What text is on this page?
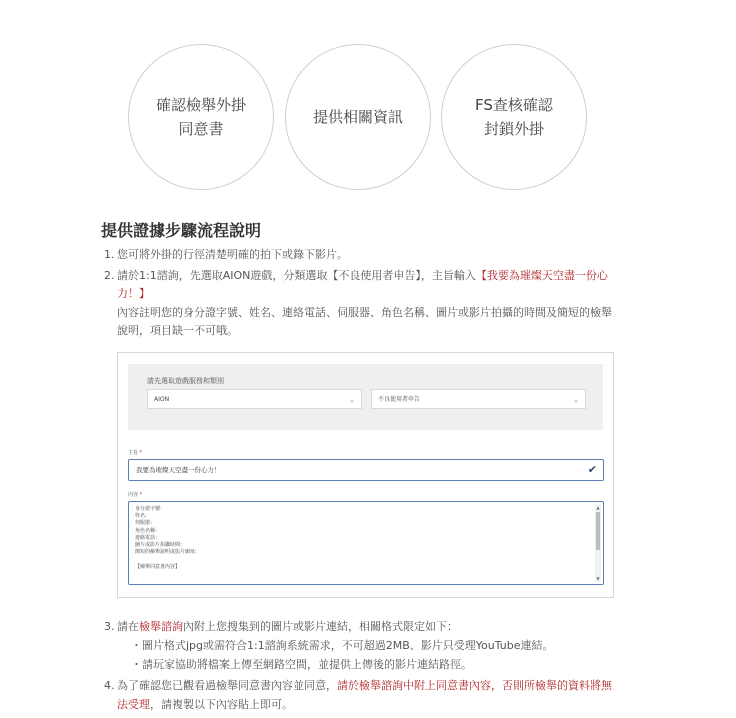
確認檢舉外掛
同意書
提供相關資訊
FS查核確認
封鎖外掛
提供證據步驟流程說明
1. 您可將外掛的行徑清楚明確的拍下或錄下影片。
2. 請於1:1諮詢，先選取AION遊戲，分類選取【不良使用者申告】，主旨輸入【我要為璀燦天空盡一份心力！】
內容註明您的身分證字號、姓名、連絡電話、伺服器、角色名稱、圖片或影片拍攝的時間及簡短的檢舉說明，項目缺一不可哦。
請先選取遊戲服務和類別
AION	⌄	不良使用者申告	⌄
主旨 *
我要為璀燦天空盡一份心力！	✔
內容 *
身分證字號：
姓名：
伺服器：
角色名稱：
連絡電話：
圖片或影片拍攝時間：
簡短的檢舉說明或影片網址:

【檢舉同意書內容】
▲
▼
3. 請在檢舉諮詢內附上您搜集到的圖片或影片連結，相關格式限定如下：
・圖片格式jpg或需符合1:1諮詢系統需求，不可超過2MB、影片只受理YouTube連結。
・請玩家協助將檔案上傳至網路空間，並提供上傳後的影片連結路徑。
4. 為了確認您已觀看過檢舉同意書內容並同意，請於檢舉諮詢中附上同意書內容，否則所檢舉的資料將無法受理，請複製以下內容貼上即可。
